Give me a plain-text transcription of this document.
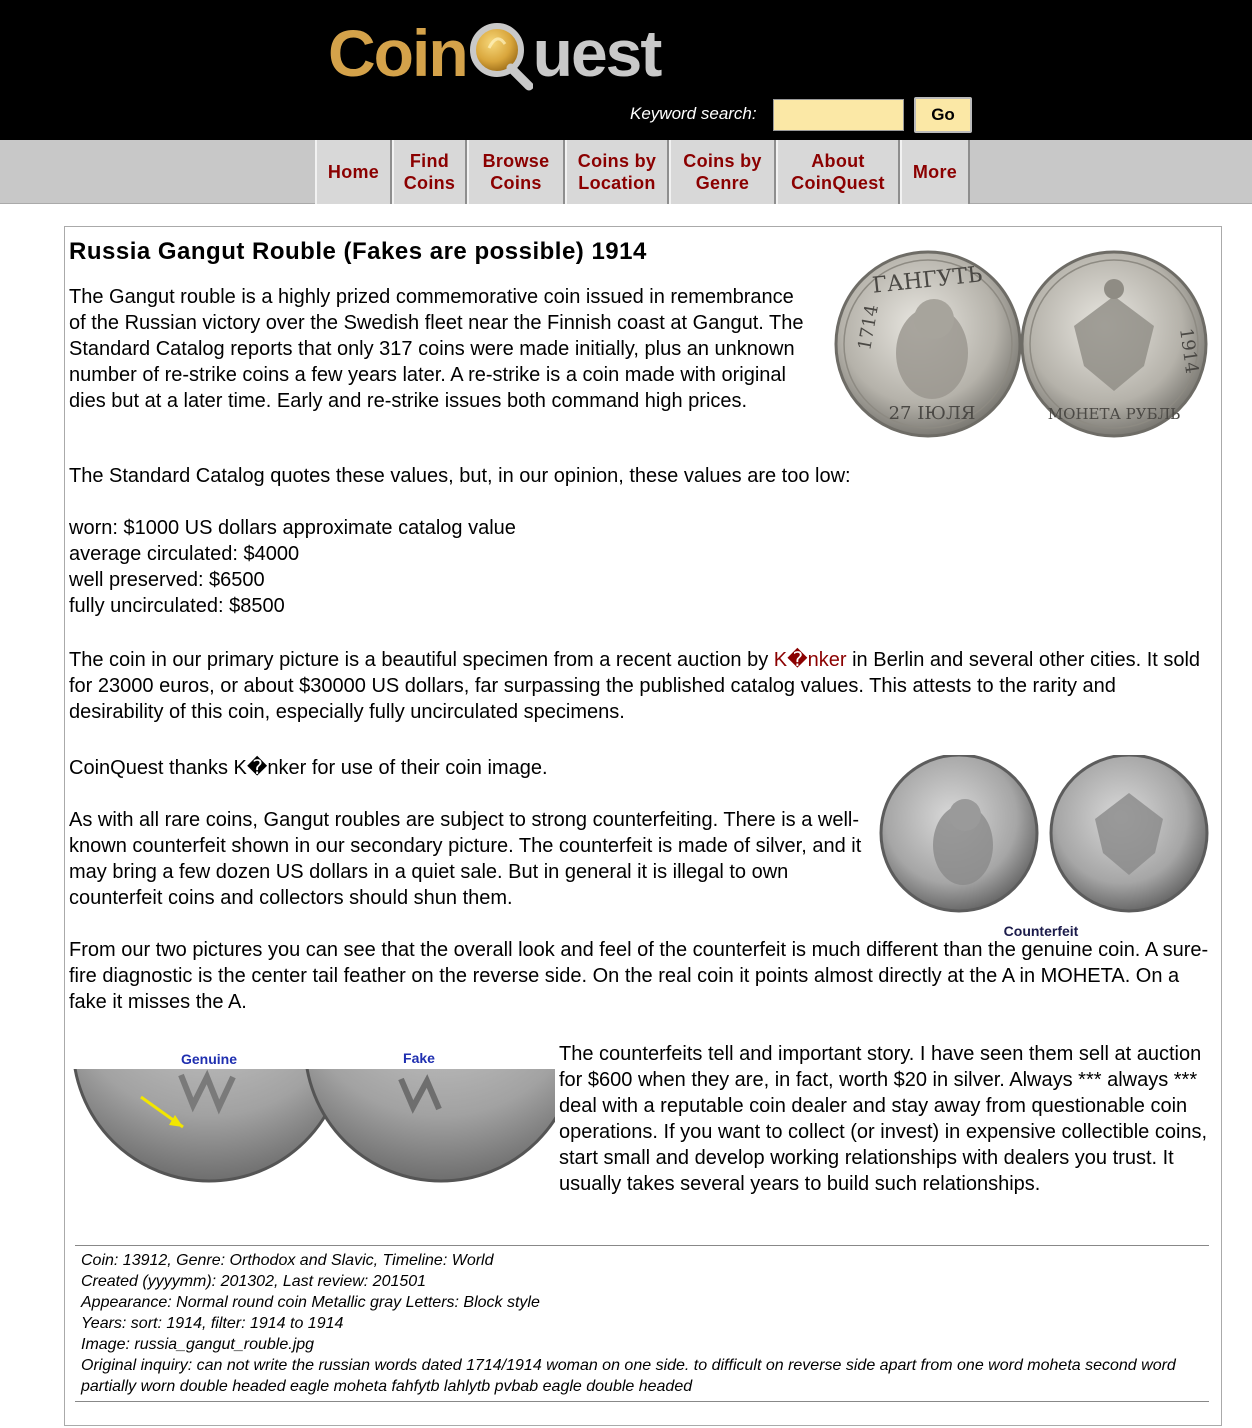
Coin uest
Keyword search:	Go
Home
Find
Coins
Browse
Coins
Coins by
Location
Coins by
Genre
About
CoinQuest
More
Russia Gangut Rouble (Fakes are possible) 1914
ГАНГУТЬ
1714
27 ІЮЛЯ
1914
МОНЕТА РУБЛЬ

The Gangut rouble is a highly prized commemorative coin issued in remembrance of the Russian victory over the Swedish fleet near the Finnish coast at Gangut. The Standard Catalog reports that only 317 coins were made initially, plus an unknown number of re-strike coins a few years later. A re-strike is a coin made with original dies but at a later time. Early and re-strike issues both command high prices.

The Standard Catalog quotes these values, but, in our opinion, these values are too low:

worn: $1000 US dollars approximate catalog value
average circulated: $4000
well preserved: $6500
fully uncirculated: $8500

The coin in our primary picture is a beautiful specimen from a recent auction by K�nker in Berlin and several other cities. It sold for 23000 euros, or about $30000 US dollars, far surpassing the published catalog values. This attests to the rarity and desirability of this coin, especially fully uncirculated specimens.

CoinQuest thanks K�nker for use of their coin image.

Counterfeit

As with all rare coins, Gangut roubles are subject to strong counterfeiting. There is a well-known counterfeit shown in our secondary picture. The counterfeit is made of silver, and it may bring a few dozen US dollars in a quiet sale. But in general it is illegal to own counterfeit coins and collectors should shun them.

From our two pictures you can see that the overall look and feel of the counterfeit is much different than the genuine coin. A sure-fire diagnostic is the center tail feather on the reverse side. On the real coin it points almost directly at the A in MOHETA. On a fake it misses the A.

Genuine	Fake	The counterfeits tell and important story. I have seen them sell at auction for $600 when they are, in fact, worth $20 in silver. Always *** always *** deal with a reputable coin dealer and stay away from questionable coin operations. If you want to collect (or invest) in expensive collectible coins, start small and develop working relationships with dealers you trust. It usually takes several years to build such relationships.

Coin: 13912, Genre: Orthodox and Slavic, Timeline: World
Created (yyyymm): 201302, Last review: 201501
Appearance: Normal round coin Metallic gray Letters: Block style
Years: sort: 1914, filter: 1914 to 1914
Image: russia_gangut_rouble.jpg
Original inquiry: can not write the russian words dated 1714/1914 woman on one side. to difficult on reverse side apart from one word moheta second word partially worn double headed eagle moheta fahfytb lahlytb pvbab eagle double headed
